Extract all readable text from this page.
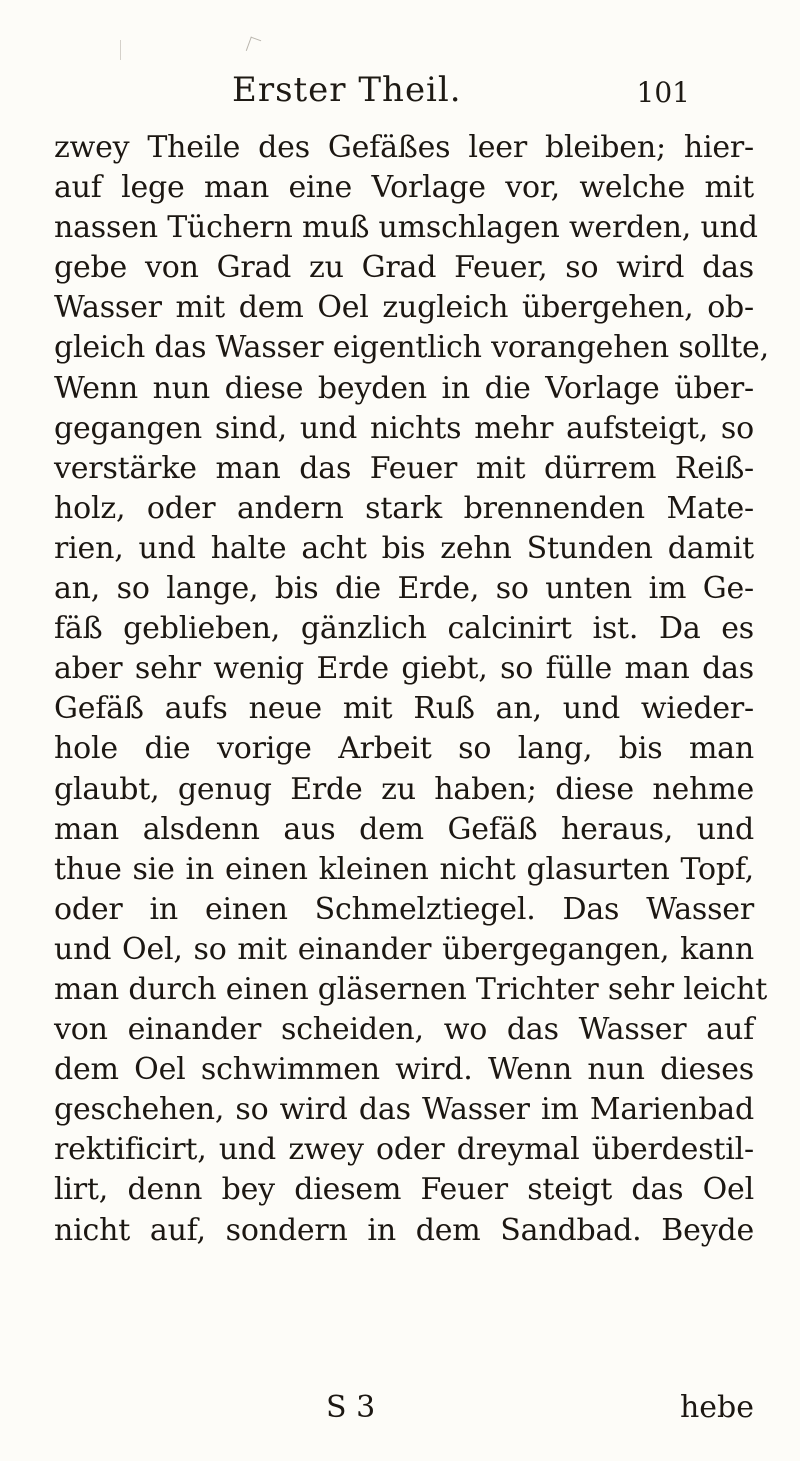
Erster Theil.	101
zwey Theile des Gefäßes leer bleiben; hier-
auf lege man eine Vorlage vor, welche mit
nassen Tüchern muß umschlagen werden, und
gebe von Grad zu Grad Feuer, so wird das
Wasser mit dem Oel zugleich übergehen, ob-
gleich das Wasser eigentlich vorangehen sollte,
Wenn nun diese beyden in die Vorlage über-
gegangen sind, und nichts mehr aufsteigt, so
verstärke man das Feuer mit dürrem Reiß-
holz, oder andern stark brennenden Mate-
rien, und halte acht bis zehn Stunden damit
an, so lange, bis die Erde, so unten im Ge-
fäß geblieben, gänzlich calcinirt ist. Da es
aber sehr wenig Erde giebt, so fülle man das
Gefäß aufs neue mit Ruß an, und wieder-
hole die vorige Arbeit so lang, bis man
glaubt, genug Erde zu haben; diese nehme
man alsdenn aus dem Gefäß heraus, und
thue sie in einen kleinen nicht glasurten Topf,
oder in einen Schmelztiegel. Das Wasser
und Oel, so mit einander übergegangen, kann
man durch einen gläsernen Trichter sehr leicht
von einander scheiden, wo das Wasser auf
dem Oel schwimmen wird. Wenn nun dieses
geschehen, so wird das Wasser im Marienbad
rektificirt, und zwey oder dreymal überdestil-
lirt, denn bey diesem Feuer steigt das Oel
nicht auf, sondern in dem Sandbad. Beyde
S 3	hebe
